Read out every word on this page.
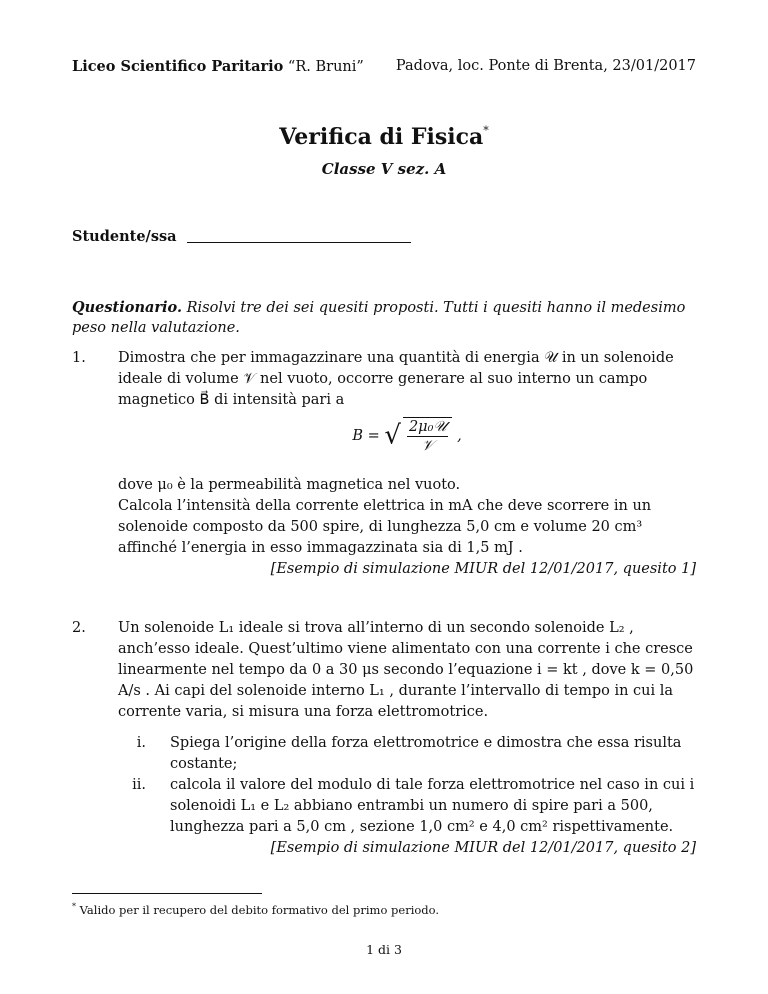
Liceo Scientifico Paritario “R. Bruni” Padova, loc. Ponte di Brenta, 23/01/2017
Verifica di Fisica*
Classe V sez. A
Studente/ssa
Questionario. Risolvi tre dei sei quesiti proposti. Tutti i quesiti hanno il medesimo peso nella valutazione.
1. Dimostra che per immagazzinare una quantità di energia 𝒰 in un solenoide ideale di volume 𝒱 nel vuoto, occorre generare al suo interno un campo magnetico B⃗ di intensità pari a
B = √ $\frac{\text{2μ₀𝒰}}{\text{𝒱}}$ ,
dove μ₀ è la permeabilità magnetica nel vuoto.
Calcola l’intensità della corrente elettrica in mA che deve scorrere in un solenoide composto da 500 spire, di lunghezza 5,0 cm e volume 20 cm³ affinché l’energia in esso immagazzinata sia di 1,5 mJ .
[Esempio di simulazione MIUR del 12/01/2017, quesito 1]
2. Un solenoide L₁ ideale si trova all’interno di un secondo solenoide L₂ , anch’esso ideale. Quest’ultimo viene alimentato con una corrente i che cresce linearmente nel tempo da 0 a 30 μs secondo l’equazione i = kt , dove k = 0,50 A/s . Ai capi del solenoide interno L₁ , durante l’intervallo di tempo in cui la corrente varia, si misura una forza elettromotrice.
i. Spiega l’origine della forza elettromotrice e dimostra che essa risulta costante;
ii. calcola il valore del modulo di tale forza elettromotrice nel caso in cui i solenoidi L₁ e L₂ abbiano entrambi un numero di spire pari a 500, lunghezza pari a 5,0 cm , sezione 1,0 cm² e 4,0 cm² rispettivamente.
[Esempio di simulazione MIUR del 12/01/2017, quesito 2]
* Valido per il recupero del debito formativo del primo periodo.
1 di 3
